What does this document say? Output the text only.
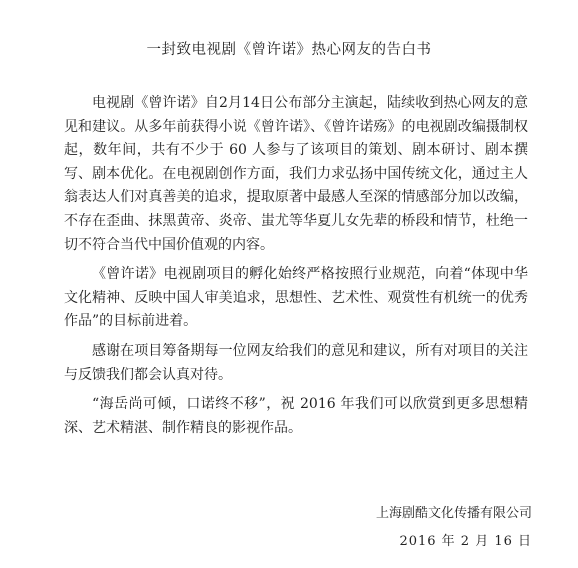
一封致电视剧《曾许诺》热心网友的告白书

电视剧《曾许诺》自2月14日公布部分主演起，陆续收到热心网友的意见和建议。从多年前获得小说《曾许诺》、《曾许诺殇》的电视剧改编摄制权起，数年间，共有不少于 60 人参与了该项目的策划、剧本研讨、剧本撰写、剧本优化。在电视剧创作方面，我们力求弘扬中国传统文化，通过主人翁表达人们对真善美的追求，提取原著中最感人至深的情感部分加以改编，不存在歪曲、抹黑黄帝、炎帝、蚩尤等华夏儿女先辈的桥段和情节，杜绝一切不符合当代中国价值观的内容。

《曾许诺》电视剧项目的孵化始终严格按照行业规范，向着“体现中华文化精神、反映中国人审美追求，思想性、艺术性、观赏性有机统一的优秀作品”的目标前进着。

感谢在项目筹备期每一位网友给我们的意见和建议，所有对项目的关注与反馈我们都会认真对待。

“海岳尚可倾，口诺终不移”，祝 2016 年我们可以欣赏到更多思想精深、艺术精湛、制作精良的影视作品。

上海剧酷文化传播有限公司
2016 年 2 月 16 日
